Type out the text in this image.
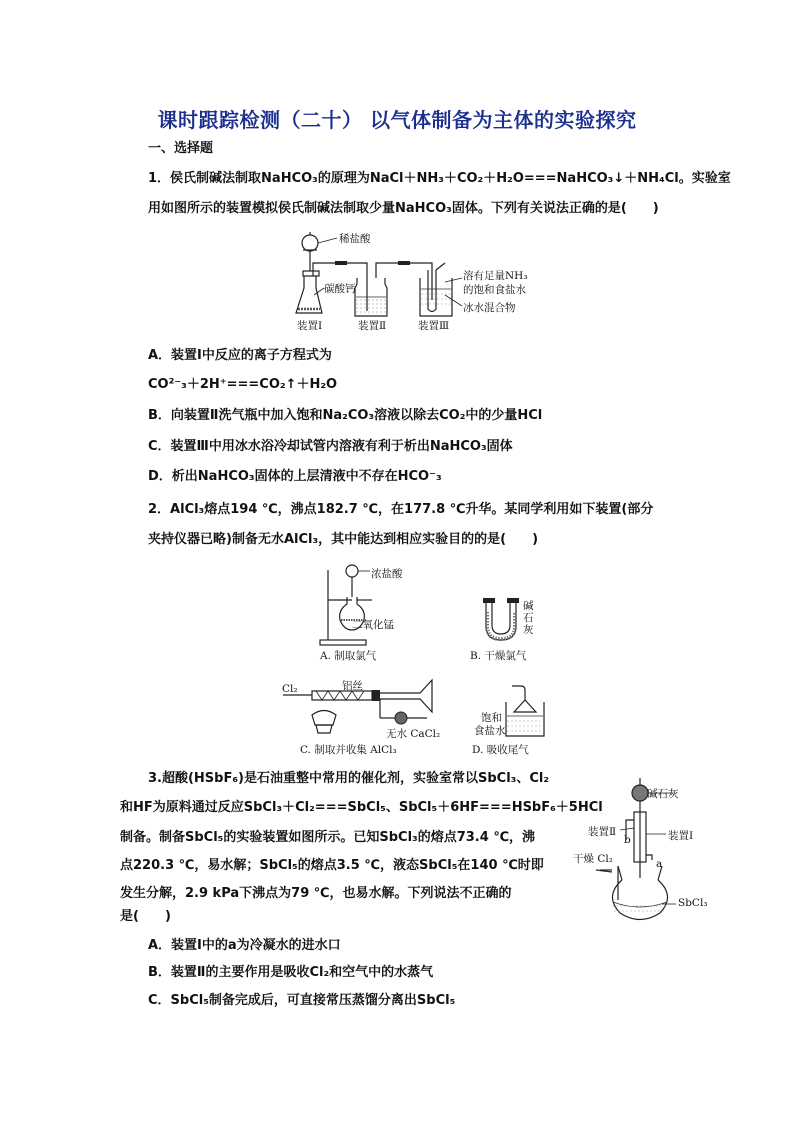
课时跟踪检测（二十） 以气体制备为主体的实验探究
一、选择题
1．侯氏制碱法制取NaHCO₃的原理为NaCl＋NH₃＋CO₂＋H₂O===NaHCO₃↓＋NH₄Cl。实验室
用如图所示的装置模拟侯氏制碱法制取少量NaHCO₃固体。下列有关说法正确的是(　　)
稀盐酸
碳酸钙
溶有足量NH₃
的饱和食盐水
冰水混合物
装置Ⅰ	装置Ⅱ	装置Ⅲ
A．装置Ⅰ中反应的离子方程式为
CO²⁻₃＋2H⁺===CO₂↑＋H₂O
B．向装置Ⅱ洗气瓶中加入饱和Na₂CO₃溶液以除去CO₂中的少量HCl
C．装置Ⅲ中用冰水浴冷却试管内溶液有利于析出NaHCO₃固体
D．析出NaHCO₃固体的上层清液中不存在HCO⁻₃
2．AlCl₃熔点194 ℃，沸点182.7 ℃，在177.8 ℃升华。某同学利用如下装置(部分
夹持仪器已略)制备无水AlCl₃，其中能达到相应实验目的的是(　　)
浓盐酸
二氧化锰
A. 制取氯气
碱
石
灰
B. 干燥氯气
Cl₂	铝丝
无水 CaCl₂
C. 制取并收集 AlCl₃
饱和
食盐水
D. 吸收尾气
3.超酸(HSbF₆)是石油重整中常用的催化剂，实验室常以SbCl₃、Cl₂
和HF为原料通过反应SbCl₃＋Cl₂===SbCl₅、SbCl₅＋6HF===HSbF₆＋5HCl
制备。制备SbCl₅的实验装置如图所示。已知SbCl₃的熔点73.4 ℃，沸
点220.3 ℃，易水解；SbCl₅的熔点3.5 ℃，液态SbCl₅在140 ℃时即
发生分解，2.9 kPa下沸点为79 ℃，也易水解。下列说法不正确的
是(　　)
碱石灰
装置Ⅱ	装置Ⅰ
b
a
干燥 Cl₂
SbCl₃
A．装置Ⅰ中的a为冷凝水的进水口
B．装置Ⅱ的主要作用是吸收Cl₂和空气中的水蒸气
C．SbCl₅制备完成后，可直接常压蒸馏分离出SbCl₅
